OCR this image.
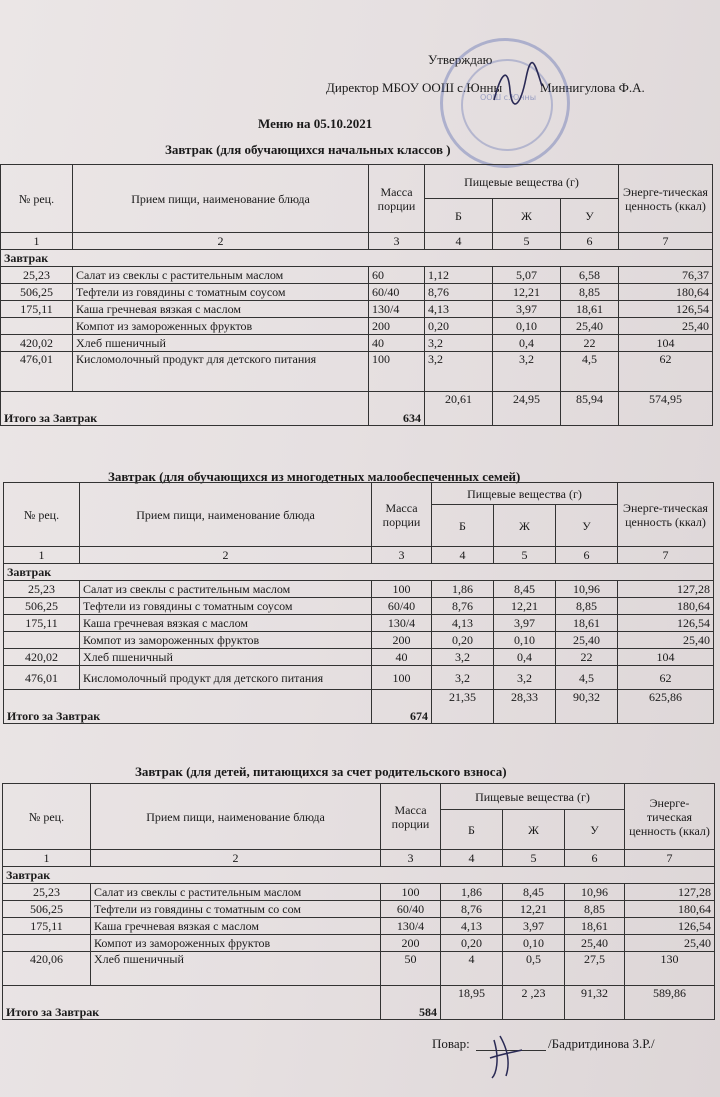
Утверждаю
Директор МБОУ ООШ с.Юнны	Миннигулова Ф.А.
ООШ с.Юнны
Меню на 05.10.2021
Завтрак (для обучающихся начальных классов )
№ рец.	Прием пищи, наименование блюда	Масса порции	Пищевые вещества (г)			Энерге-тическая ценность (ккал)
			Б	Ж	У	
1	2	3	4	5	6	7
Завтрак						
25,23	Салат из свеклы с растительным маслом	60	1,12	5,07	6,58	76,37
506,25	Тефтели из говядины с томатным соусом	60/40	8,76	12,21	8,85	180,64
175,11	Каша гречневая вязкая с маслом	130/4	4,13	3,97	18,61	126,54
	Компот из замороженных фруктов	200	0,20	0,10	25,40	25,40
420,02	Хлеб пшеничный	40	3,2	0,4	22	104
476,01	Кисломолочный продукт для детского питания	100	3,2	3,2	4,5	62
Итого за Завтрак		634	20,61	24,95	85,94	574,95
Завтрак (для обучающихся из многодетных малообеспеченных семей)
№ рец.	Прием пищи, наименование блюда	Масса порции	Пищевые вещества (г)			Энерге-тическая ценность (ккал)
			Б	Ж	У	
1	2	3	4	5	6	7
Завтрак						
25,23	Салат из свеклы с растительным маслом	100	1,86	8,45	10,96	127,28
506,25	Тефтели из говядины с томатным соусом	60/40	8,76	12,21	8,85	180,64
175,11	Каша гречневая вязкая с маслом	130/4	4,13	3,97	18,61	126,54
	Компот из замороженных фруктов	200	0,20	0,10	25,40	25,40
420,02	Хлеб пшеничный	40	3,2	0,4	22	104
476,01	Кисломолочный продукт для детского питания	100	3,2	3,2	4,5	62
Итого за Завтрак		674	21,35	28,33	90,32	625,86
Завтрак (для детей, питающихся за счет родительского взноса)
№ рец.	Прием пищи, наименование блюда	Масса порции	Пищевые вещества (г)			Энерге-тическая ценность (ккал)
			Б	Ж	У	
1	2	3	4	5	6	7
Завтрак						
25,23	Салат из свеклы с растительным маслом	100	1,86	8,45	10,96	127,28
506,25	Тефтели из говядины с томатным со сом	60/40	8,76	12,21	8,85	180,64
175,11	Каша гречневая вязкая с маслом	130/4	4,13	3,97	18,61	126,54
	Компот из замороженных фруктов	200	0,20	0,10	25,40	25,40
420,06	Хлеб пшеничный	50	4	0,5	27,5	130
Итого за Завтрак		584	18,95	2 ,23	91,32	589,86
Повар:	/Бадритдинова З.Р./
